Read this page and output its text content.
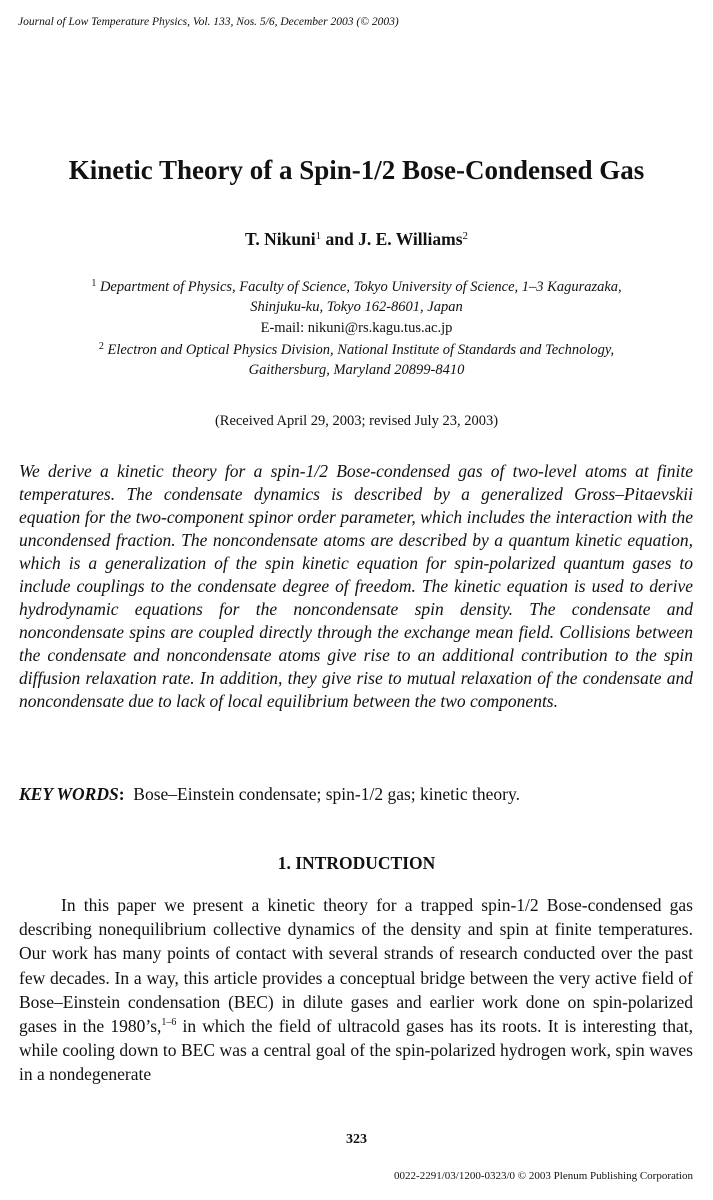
Journal of Low Temperature Physics, Vol. 133, Nos. 5/6, December 2003 (© 2003)
Kinetic Theory of a Spin-1/2 Bose-Condensed Gas
T. Nikuni$^1$ and J. E. Williams$^2$
$^1$ Department of Physics, Faculty of Science, Tokyo University of Science, 1–3 Kagurazaka,
Shinjuku-ku, Tokyo 162-8601, Japan
E-mail: nikuni@rs.kagu.tus.ac.jp
$^2$ Electron and Optical Physics Division, National Institute of Standards and Technology,
Gaithersburg, Maryland 20899-8410
(Received April 29, 2003; revised July 23, 2003)

We derive a kinetic theory for a spin-1/2 Bose-condensed gas of two-level atoms at finite temperatures. The condensate dynamics is described by a generalized Gross–Pitaevskii equation for the two-component spinor order parameter, which includes the interaction with the uncondensed fraction. The noncondensate atoms are described by a quantum kinetic equation, which is a generalization of the spin kinetic equation for spin-polarized quantum gases to include couplings to the condensate degree of freedom. The kinetic equation is used to derive hydrodynamic equations for the noncondensate spin density. The condensate and noncondensate spins are coupled directly through the exchange mean field. Collisions between the condensate and noncondensate atoms give rise to an additional contribution to the spin diffusion relaxation rate. In addition, they give rise to mutual relaxation of the condensate and noncondensate due to lack of local equilibrium between the two components.

KEY WORDS: Bose–Einstein condensate; spin-1/2 gas; kinetic theory.
1. INTRODUCTION

In this paper we present a kinetic theory for a trapped spin-1/2 Bose-condensed gas describing nonequilibrium collective dynamics of the density and spin at finite temperatures. Our work has many points of contact with several strands of research conducted over the past few decades. In a way, this article provides a conceptual bridge between the very active field of Bose–Einstein condensation (BEC) in dilute gases and earlier work done on spin-polarized gases in the 1980’s,$^{1-6}$ in which the field of ultracold gases has its roots. It is interesting that, while cooling down to BEC was a central goal of the spin-polarized hydrogen work, spin waves in a nondegenerate

323
0022-2291/03/1200-0323/0 © 2003 Plenum Publishing Corporation
